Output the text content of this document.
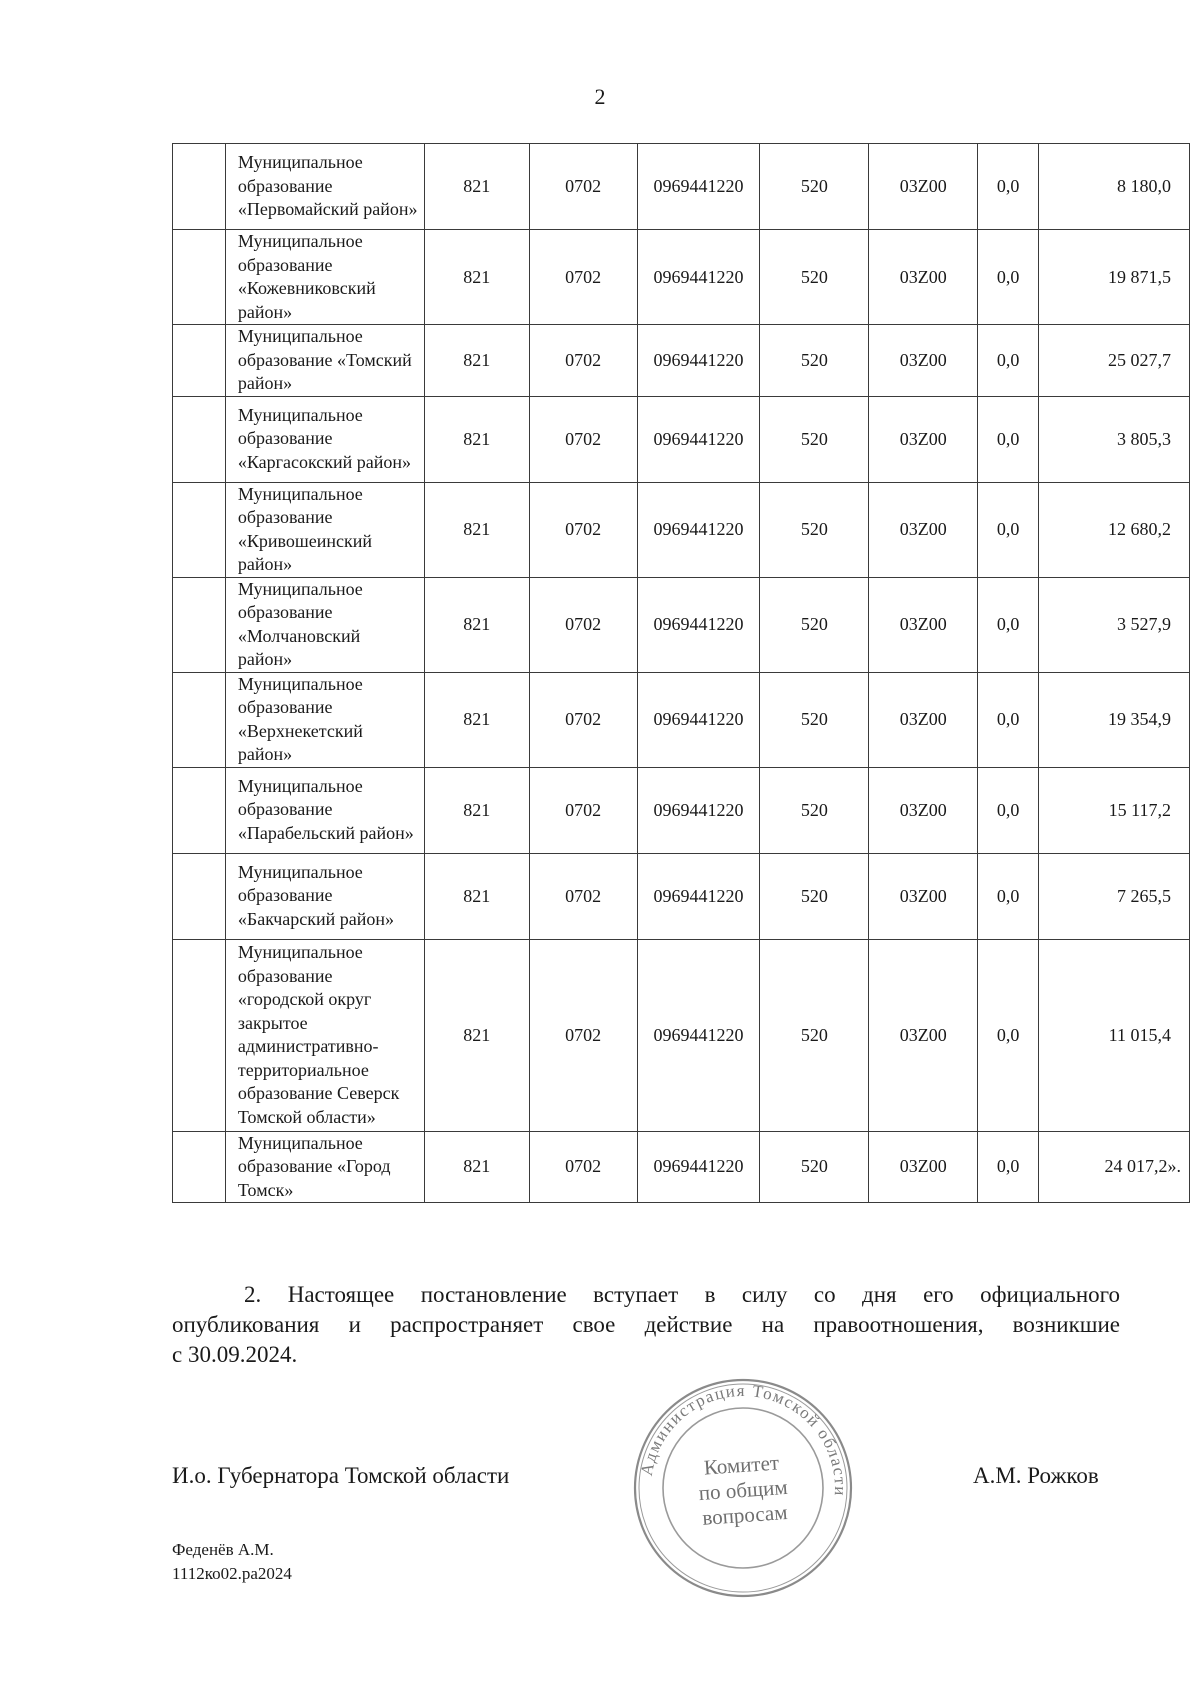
2
	Муниципальное образование «Первомайский район»	821	0702	0969441220	520	03Z00	0,0	8 180,0
	Муниципальное образование «Кожевниковский район»	821	0702	0969441220	520	03Z00	0,0	19 871,5
	Муниципальное образование «Томский район»	821	0702	0969441220	520	03Z00	0,0	25 027,7
	Муниципальное образование «Каргасокский район»	821	0702	0969441220	520	03Z00	0,0	3 805,3
	Муниципальное образование «Кривошеинский район»	821	0702	0969441220	520	03Z00	0,0	12 680,2
	Муниципальное образование «Молчановский район»	821	0702	0969441220	520	03Z00	0,0	3 527,9
	Муниципальное образование «Верхнекетский район»	821	0702	0969441220	520	03Z00	0,0	19 354,9
	Муниципальное образование «Парабельский район»	821	0702	0969441220	520	03Z00	0,0	15 117,2
	Муниципальное образование «Бакчарский район»	821	0702	0969441220	520	03Z00	0,0	7 265,5
	Муниципальное образование «городской округ закрытое административно-территориальное образование Северск Томской области»	821	0702	0969441220	520	03Z00	0,0	11 015,4
	Муниципальное образование «Город Томск»	821	0702	0969441220	520	03Z00	0,0	24 017,2».
2. Настоящее постановление вступает в силу со дня его официального
опубликования и распространяет свое действие на правоотношения, возникшие
с 30.09.2024.
И.о. Губернатора Томской области	А.М. Рожков
Администрация Томской области
Комитет
по общим
вопросам
Феденёв А.М.
1112ко02.ра2024
